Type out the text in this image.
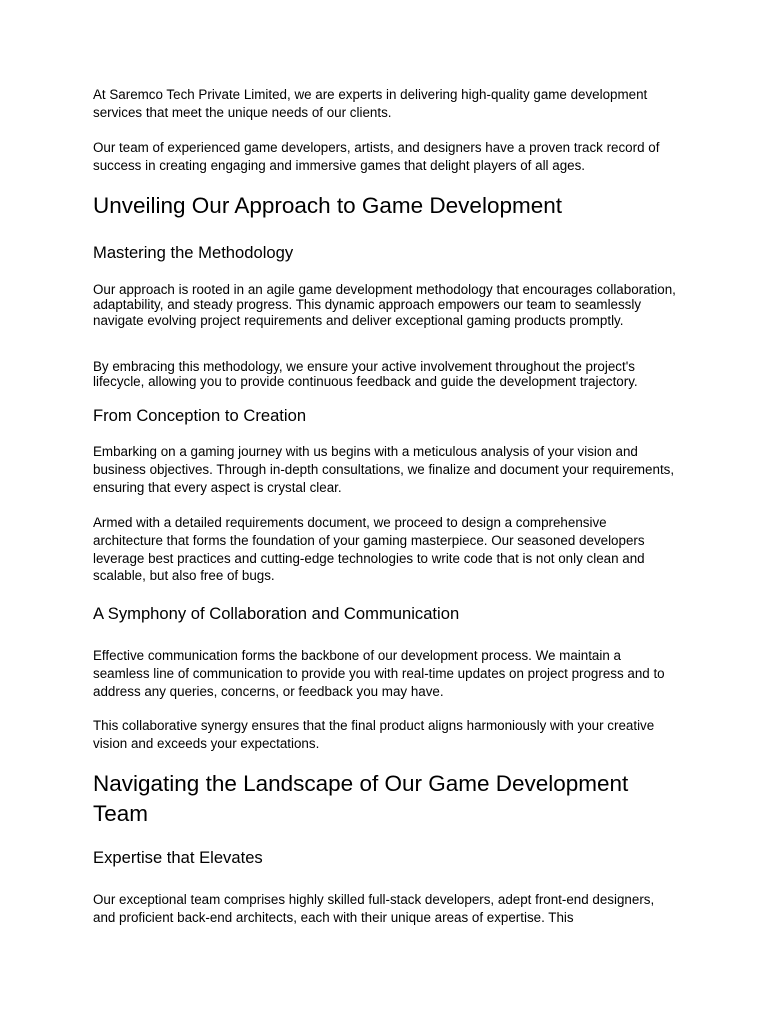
At Saremco Tech Private Limited, we are experts in delivering high-quality game development services that meet the unique needs of our clients.

Our team of experienced game developers, artists, and designers have a proven track record of success in creating engaging and immersive games that delight players of all ages.

Unveiling Our Approach to Game Development
Mastering the Methodology

Our approach is rooted in an agile game development methodology that encourages collaboration, adaptability, and steady progress. This dynamic approach empowers our team to seamlessly navigate evolving project requirements and deliver exceptional gaming products promptly.

By embracing this methodology, we ensure your active involvement throughout the project's lifecycle, allowing you to provide continuous feedback and guide the development trajectory.

From Conception to Creation

Embarking on a gaming journey with us begins with a meticulous analysis of your vision and business objectives. Through in-depth consultations, we finalize and document your requirements, ensuring that every aspect is crystal clear.

Armed with a detailed requirements document, we proceed to design a comprehensive architecture that forms the foundation of your gaming masterpiece. Our seasoned developers leverage best practices and cutting-edge technologies to write code that is not only clean and scalable, but also free of bugs.

A Symphony of Collaboration and Communication

Effective communication forms the backbone of our development process. We maintain a seamless line of communication to provide you with real-time updates on project progress and to address any queries, concerns, or feedback you may have.

This collaborative synergy ensures that the final product aligns harmoniously with your creative vision and exceeds your expectations.

Navigating the Landscape of Our Game Development Team
Expertise that Elevates

Our exceptional team comprises highly skilled full-stack developers, adept front-end designers, and proficient back-end architects, each with their unique areas of expertise. This
